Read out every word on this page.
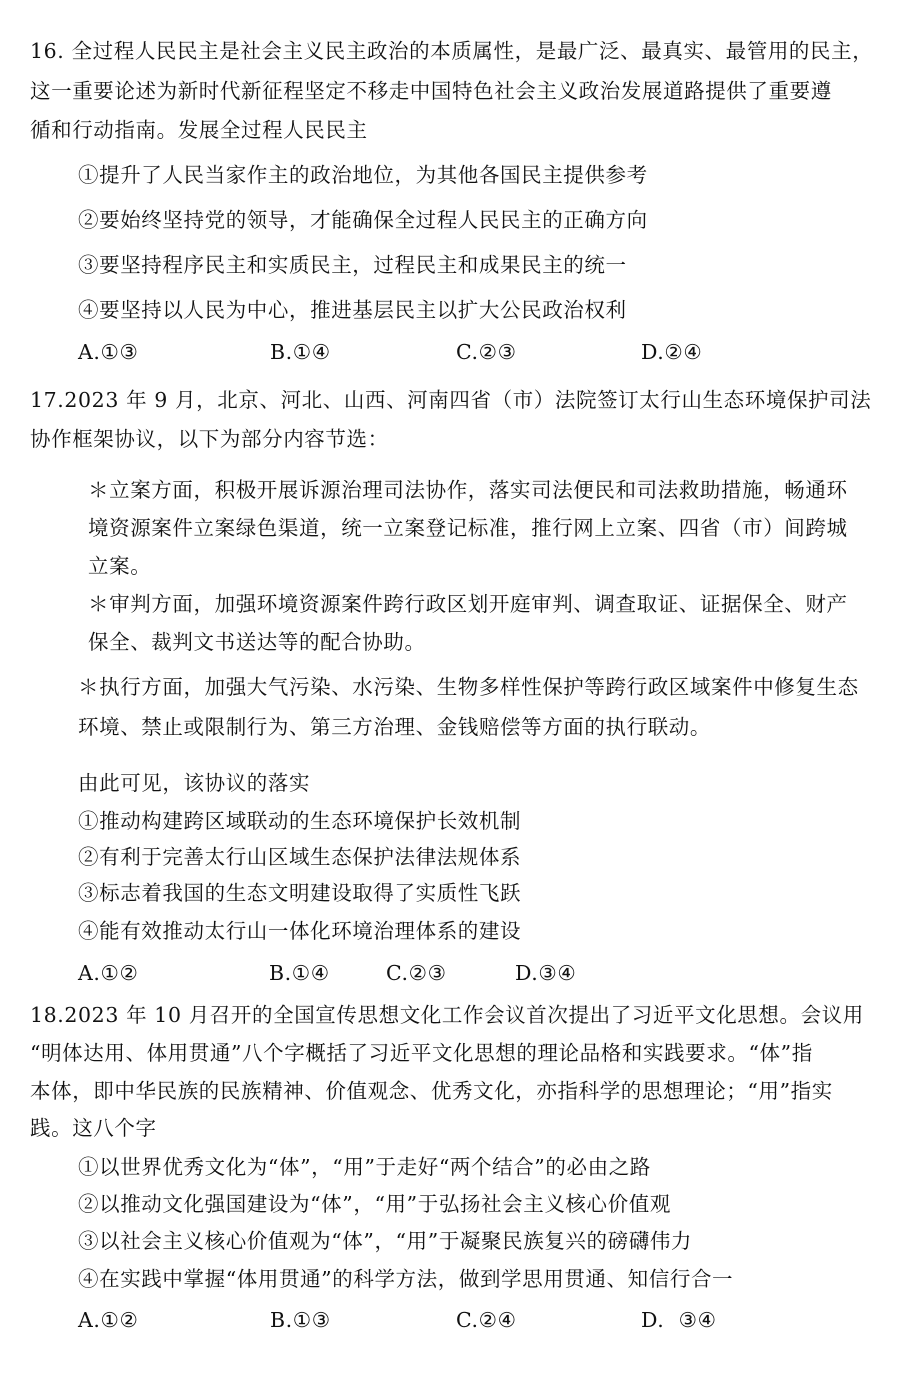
16. 全过程人民民主是社会主义民主政治的本质属性，是最广泛、最真实、最管用的民主，
这一重要论述为新时代新征程坚定不移走中国特色社会主义政治发展道路提供了重要遵
循和行动指南。发展全过程人民民主
①提升了人民当家作主的政治地位，为其他各国民主提供参考
②要始终坚持党的领导，才能确保全过程人民民主的正确方向
③要坚持程序民主和实质民主，过程民主和成果民主的统一
④要坚持以人民为中心，推进基层民主以扩大公民政治权利
A.①③	B.①④	C.②③	D.②④
17.2023 年 9 月，北京、河北、山西、河南四省（市）法院签订太行山生态环境保护司法
协作框架协议，以下为部分内容节选：
＊立案方面，积极开展诉源治理司法协作，落实司法便民和司法救助措施，畅通环
境资源案件立案绿色渠道，统一立案登记标准，推行网上立案、四省（市）间跨城
立案。
＊审判方面，加强环境资源案件跨行政区划开庭审判、调查取证、证据保全、财产
保全、裁判文书送达等的配合协助。
＊执行方面，加强大气污染、水污染、生物多样性保护等跨行政区域案件中修复生态
环境、禁止或限制行为、第三方治理、金钱赔偿等方面的执行联动。
由此可见，该协议的落实
①推动构建跨区域联动的生态环境保护长效机制
②有利于完善太行山区域生态保护法律法规体系
③标志着我国的生态文明建设取得了实质性飞跃
④能有效推动太行山一体化环境治理体系的建设
A.①②	B.①④	C.②③	D.③④
18.2023 年 10 月召开的全国宣传思想文化工作会议首次提出了习近平文化思想。会议用
“明体达用、体用贯通”八个字概括了习近平文化思想的理论品格和实践要求。“体”指
本体，即中华民族的民族精神、价值观念、优秀文化，亦指科学的思想理论；“用”指实
践。这八个字
①以世界优秀文化为“体”，“用”于走好“两个结合”的必由之路
②以推动文化强国建设为“体”，“用”于弘扬社会主义核心价值观
③以社会主义核心价值观为“体”，“用”于凝聚民族复兴的磅礴伟力
④在实践中掌握“体用贯通”的科学方法，做到学思用贯通、知信行合一
A.①②	B.①③	C.②④	D.  ③④
